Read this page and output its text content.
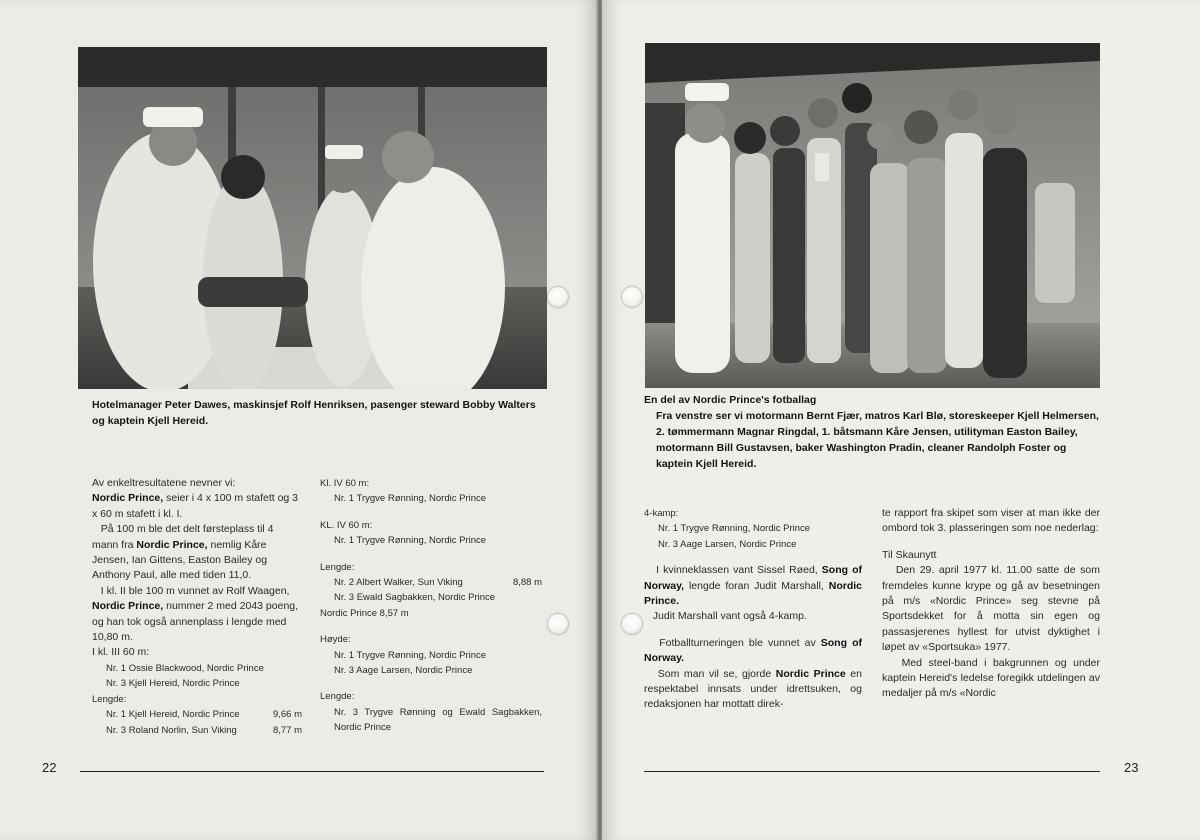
Hotelmanager Peter Dawes, maskinsjef Rolf Henriksen, pasenger steward Bobby Walters og kaptein Kjell Hereid.

Av enkeltresultatene nevner vi:

Nordic Prince, seier i 4 x 100 m stafett og 3 x 60 m stafett i kl. I.

På 100 m ble det delt førsteplass til 4 mann fra Nordic Prince, nemlig Kåre Jensen, Ian Gittens, Easton Bailey og Anthony Paul, alle med tiden 11,0.

I kl. II ble 100 m vunnet av Rolf Waagen, Nordic Prince, nummer 2 med 2043 poeng, og han tok også annenplass i lengde med 10,80 m.

I kl. III 60 m:

Nr. 1 Ossie Blackwood, Nordic Prince

Nr. 3 Kjell Hereid, Nordic Prince

Lengde:

Nr. 1 Kjell Hereid, Nordic Prince	9,66 m
Nr. 3 Roland Norlin, Sun Viking	8,77 m

Kl. IV 60 m:

Nr. 1 Trygve Rønning, Nordic Prince

KL. IV 60 m:

Nr. 1 Trygve Rønning, Nordic Prince

Lengde:

Nr. 2 Albert Walker, Sun Viking	8,88 m

Nr. 3 Ewald Sagbakken, Nordic Prince

Nordic Prince 8,57 m

Høyde:

Nr. 1 Trygve Rønning, Nordic Prince

Nr. 3 Aage Larsen, Nordic Prince

Lengde:

Nr. 3 Trygve Rønning og Ewald Sagbakken, Nordic Prince

22
En del av Nordic Prince's fotballag
Fra venstre ser vi motormann Bernt Fjær, matros Karl Blø, storeskeeper Kjell Helmersen, 2. tømmermann Magnar Ringdal, 1. båtsmann Kåre Jensen, utilityman Easton Bailey, motormann Bill Gustavsen, baker Washington Pradin, cleaner Randolph Foster og kaptein Kjell Hereid.

4-kamp:

Nr. 1 Trygve Rønning, Nordic Prince

Nr. 3 Aage Larsen, Nordic Prince

I kvinneklassen vant Sissel Røed, Song of Norway, lengde foran Judit Marshall, Nordic Prince.

Judit Marshall vant også 4-kamp.

Fotballturneringen ble vunnet av Song of Norway.

Som man vil se, gjorde Nordic Prince en respektabel innsats under idrettsuken, og redaksjonen har mottatt direk-

te rapport fra skipet som viser at man ikke der ombord tok 3. plasseringen som noe nederlag:

Til Skaunytt

Den 29. april 1977 kl. 11.00 satte de som fremdeles kunne krype og gå av besetningen på m/s «Nordic Prince» seg stevne på Sportsdekket for å motta sin egen og passasjerenes hyllest for utvist dyktighet i løpet av «Sportsuka» 1977.

Med steel-band i bakgrunnen og under kaptein Hereid's ledelse foregikk utdelingen av medaljer på m/s «Nordic

23
